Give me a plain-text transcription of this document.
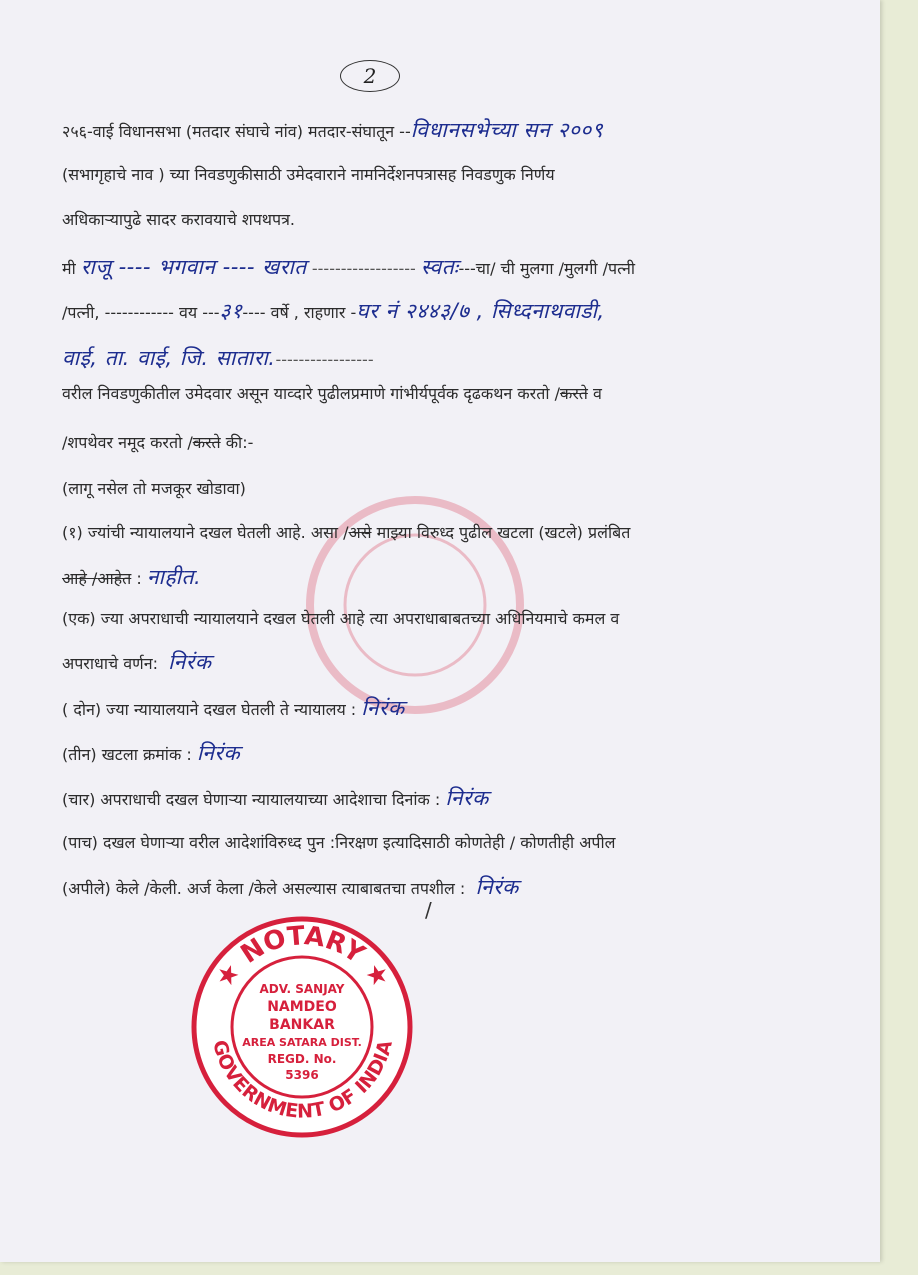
2
२५६-वाई विधानसभा (मतदार संघाचे नांव) मतदार-संघातून --विधानसभेच्या सन २००९
(सभागृहाचे नाव ) च्या निवडणुकीसाठी उमेदवाराने नामनिर्देशनपत्रासह निवडणुक निर्णय
अधिकाऱ्यापुढे सादर करावयाचे शपथपत्र.
मी राजू ---- भगवान ---- खरात ------------------ स्वतः---चा/ ची मुलगा /मुलगी /पत्नी
/पत्नी, ------------ वय ---३१---- वर्षे , राहणार -घर नं २४४३/७ , सिध्दनाथवाडी,
वाई, ता. वाई, जि. सातारा.-----------------
वरील निवडणुकीतील उमेदवार असून याव्दारे पुढीलप्रमाणे गांभीर्यपूर्वक दृढकथन करतो /करते व
/शपथेवर नमूद करतो /करते की:-
(लागू नसेल तो मजकूर खोडावा)
(१) ज्यांची न्यायालयाने दखल घेतली आहे. असा /असे माझ्या विरुध्द पुढील खटला (खटले) प्रलंबित
आहे /आहेत : नाहीत.
(एक) ज्या अपराधाची न्यायालयाने दखल घेतली आहे त्या अपराधाबाबतच्या अधिनियमाचे कमल व
अपराधाचे वर्णन: निरंक
( दोन) ज्या न्यायालयाने दखल घेतली ते न्यायालय : निरंक
(तीन) खटला क्रमांक : निरंक
(चार) अपराधाची दखल घेणाऱ्या न्यायालयाच्या आदेशाचा दिनांक : निरंक
(पाच) दखल घेणाऱ्या वरील आदेशांविरुध्द पुन :निरक्षण इत्यादिसाठी कोणतेही / कोणतीही अपील
(अपीले) केले /केली. अर्ज केला /केले असल्यास त्याबाबतचा तपशील : निरंक
/
★ NOTARY ★
GOVERNMENT OF INDIA
ADV. SANJAY
NAMDEO
BANKAR
AREA SATARA DIST.
REGD. No.
5396
